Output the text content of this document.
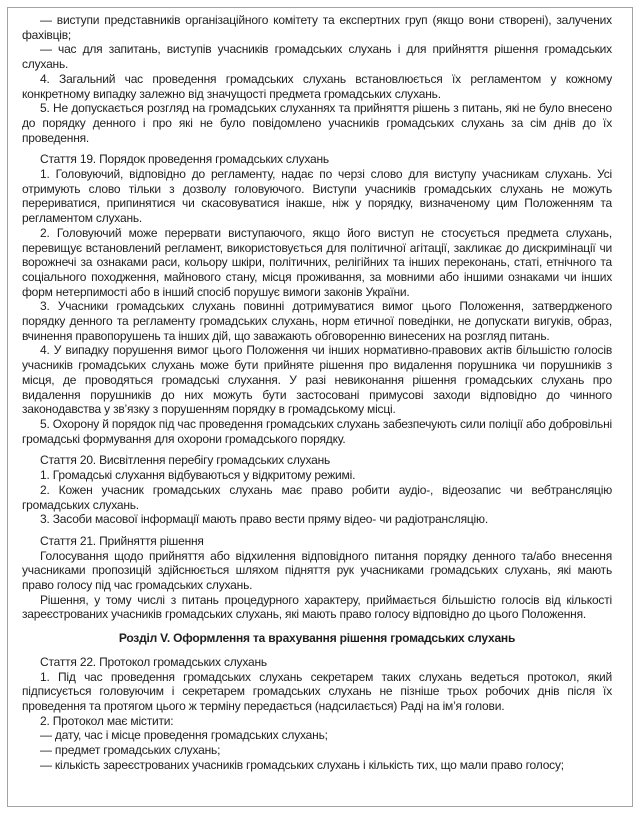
— виступи представників організаційного комітету та експертних груп (якщо вони створені), залучених фахівців;

— час для запитань, виступів учасників громадських слухань і для прийняття рішення громадських слухань.

4. Загальний час проведення громадських слухань встановлюється їх регламентом у кожному конкретному випадку залежно від значущості предмета громадських слухань.

5. Не допускається розгляд на громадських слуханнях та прийняття рішень з питань, які не було внесено до порядку денного і про які не було повідомлено учасників громадських слухань за сім днів до їх проведення.

Стаття 19. Порядок проведення громадських слухань

1. Головуючий, відповідно до регламенту, надає по черзі слово для виступу учасникам слухань. Усі отримують слово тільки з дозволу головуючого. Виступи учасників громадських слухань не можуть перериватися, припинятися чи скасовуватися інакше, ніж у порядку, визначеному цим Положенням та регламентом слухань.

2. Головуючий може перервати виступаючого, якщо його виступ не стосується предмета слухань, перевищує встановлений регламент, використовується для політичної агітації, закликає до дискримінації чи ворожнечі за ознаками раси, кольору шкіри, політичних, релігійних та інших переконань, статі, етнічного та соціального походження, майнового стану, місця проживання, за мовними або іншими ознаками чи інших форм нетерпимості або в інший спосіб порушує вимоги законів України.

3. Учасники громадських слухань повинні дотримуватися вимог цього Положення, затвердженого порядку денного та регламенту громадських слухань, норм етичної поведінки, не допускати вигуків, образ, вчинення правопорушень та інших дій, що заважають обговоренню винесених на розгляд питань.

4. У випадку порушення вимог цього Положення чи інших нормативно-правових актів більшістю голосів учасників громадських слухань може бути прийняте рішення про видалення порушника чи порушників з місця, де проводяться громадські слухання. У разі невиконання рішення громадських слухань про видалення порушників до них можуть бути застосовані примусові заходи відповідно до чинного законодавства у зв’язку з порушенням порядку в громадському місці.

5. Охорону й порядок під час проведення громадських слухань забезпечують сили поліції або добровільні громадські формування для охорони громадського порядку.

Стаття 20. Висвітлення перебігу громадських слухань

1. Громадські слухання відбуваються у відкритому режимі.

2. Кожен учасник громадських слухань має право робити аудіо-, відеозапис чи вебтрансляцію громадських слухань.

3. Засоби масової інформації мають право вести пряму відео- чи радіотрансляцію.

Стаття 21. Прийняття рішення

Голосування щодо прийняття або відхилення відповідного питання порядку денного та/або внесення учасниками пропозицій здійснюється шляхом підняття рук учасниками громадських слухань, які мають право голосу під час громадських слухань.

Рішення, у тому числі з питань процедурного характеру, приймається більшістю голосів від кількості зареєстрованих учасників громадських слухань, які мають право голосу відповідно до цього Положення.

Розділ V. Оформлення та врахування рішення громадських слухань

Стаття 22. Протокол громадських слухань

1. Під час проведення громадських слухань секретарем таких слухань ведеться протокол, який підписується головуючим і секретарем громадських слухань не пізніше трьох робочих днів після їх проведення та протягом цього ж терміну передається (надсилається) Раді на ім’я голови.

2. Протокол має містити:

— дату, час і місце проведення громадських слухань;

— предмет громадських слухань;

— кількість зареєстрованих учасників громадських слухань і кількість тих, що мали право голосу;
